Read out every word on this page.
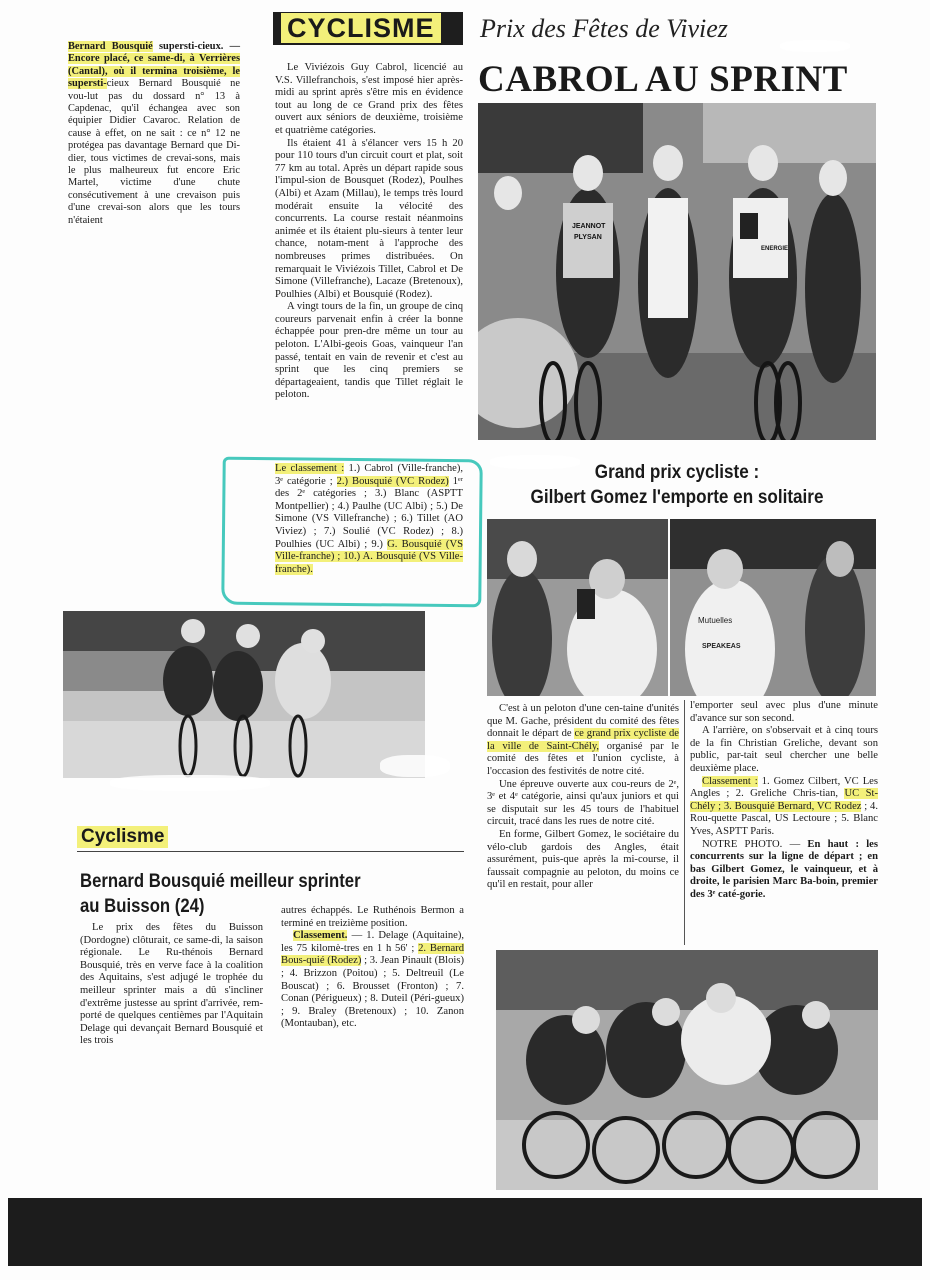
Bernard Bousquié supersti-cieux. — Encore placé, ce same-di, à Verrières (Cantal), où il termina troisième, le supersti-cieux Bernard Bousquié ne vou-lut pas du dossard n° 13 à Capdenac, qu'il échangea avec son équipier Didier Cavaroc. Relation de cause à effet, on ne sait : ce n° 12 ne protégea pas davantage Bernard que Di-dier, tous victimes de crevai-sons, mais le plus malheureux fut encore Eric Martel, victime d'une chute consécutivement à une crevaison puis d'une crevai-son alors que les tours n'étaient
CYCLISME Prix des Fêtes de Viviez
CABROL AU SPRINT

Le Viviézois Guy Cabrol, licencié au V.S. Villefranchois, s'est imposé hier après-midi au sprint après s'être mis en évidence tout au long de ce Grand prix des fêtes ouvert aux séniors de deuxième, troisième et quatrième catégories.

Ils étaient 41 à s'élancer vers 15 h 20 pour 110 tours d'un circuit court et plat, soit 77 km au total. Après un départ rapide sous l'impul-sion de Bousquet (Rodez), Poulhes (Albi) et Azam (Millau), le temps très lourd modérait ensuite la vélocité des concurrents. La course restait néanmoins animée et ils étaient plu-sieurs à tenter leur chance, notam-ment à l'approche des nombreuses primes distribuées. On remarquait le Viviézois Tillet, Cabrol et De Simone (Villefranche), Lacaze (Bretenoux), Poulhies (Albi) et Bousquié (Rodez).

A vingt tours de la fin, un groupe de cinq coureurs parvenait enfin à créer la bonne échappée pour pren-dre même un tour au peloton. L'Albi-geois Goas, vainqueur l'an passé, tentait en vain de revenir et c'est au sprint que les cinq premiers se départageaient, tandis que Tillet réglait le peloton.

Le classement : 1.) Cabrol (Ville-franche), 3ᵉ catégorie ; 2.) Bousquié (VC Rodez) 1ᵉʳ des 2ᵉ catégories ; 3.) Blanc (ASPTT Montpellier) ; 4.) Paulhe (UC Albi) ; 5.) De Simone (VS Villefranche) ; 6.) Tillet (AO Viviez) ; 7.) Soulié (VC Rodez) ; 8.) Poulhies (UC Albi) ; 9.) G. Bousquié (VS Ville-franche) ; 10.) A. Bousquié (VS Ville-franche).
JEANNOT
PLYSAN
ENERGIE
Grand prix cycliste :
Gilbert Gomez l'emporte en solitaire
Mutuelles
SPEAKEAS

C'est à un peloton d'une cen-taine d'unités que M. Gache, président du comité des fêtes donnait le départ de ce grand prix cycliste de la ville de Saint-Chély, organisé par le comité des fêtes et l'union cycliste, à l'occasion des festivités de notre cité.

Une épreuve ouverte aux cou-reurs de 2ᵉ, 3ᵉ et 4ᵉ catégorie, ainsi qu'aux juniors et qui se disputait sur les 45 tours de l'habituel circuit, tracé dans les rues de notre cité.

En forme, Gilbert Gomez, le sociétaire du vélo-club gardois des Angles, était assurément, puis-que après la mi-course, il faussait compagnie au peloton, du moins ce qu'il en restait, pour aller

l'emporter seul avec plus d'une minute d'avance sur son second.

A l'arrière, on s'observait et à cinq tours de la fin Christian Greliche, devant son public, par-tait seul chercher une belle deuxième place.

Classement : 1. Gomez Cilbert, VC Les Angles ; 2. Greliche Chris-tian, UC St-Chély ; 3. Bousquié Bernard, VC Rodez ; 4. Rou-quette Pascal, US Lectoure ; 5. Blanc Yves, ASPTT Paris.

NOTRE PHOTO. — En haut : les concurrents sur la ligne de départ ; en bas Gilbert Gomez, le vainqueur, et à droite, le parisien Marc Ba-boin, premier des 3ᵉ caté-gorie.

Cyclisme
Bernard Bousquié meilleur sprinter
au Buisson (24)

Le prix des fêtes du Buisson (Dordogne) clôturait, ce same-di, la saison régionale. Le Ru-thénois Bernard Bousquié, très en verve face à la coalition des Aquitains, s'est adjugé le trophée du meilleur sprinter mais a dû s'incliner d'extrême justesse au sprint d'arrivée, rem-porté de quelques centièmes par l'Aquitain Delage qui devançait Bernard Bousquié et les trois

autres échappés. Le Ruthénois Bermon a terminé en treizième position.

Classement. — 1. Delage (Aquitaine), les 75 kilomè-tres en 1 h 56' ; 2. Bernard Bous-quié (Rodez) ; 3. Jean Pinault (Blois) ; 4. Brizzon (Poitou) ; 5. Deltreuil (Le Bouscat) ; 6. Brousset (Fronton) ; 7. Conan (Périgueux) ; 8. Duteil (Péri-gueux) ; 9. Braley (Bretenoux) ; 10. Zanon (Montauban), etc.
